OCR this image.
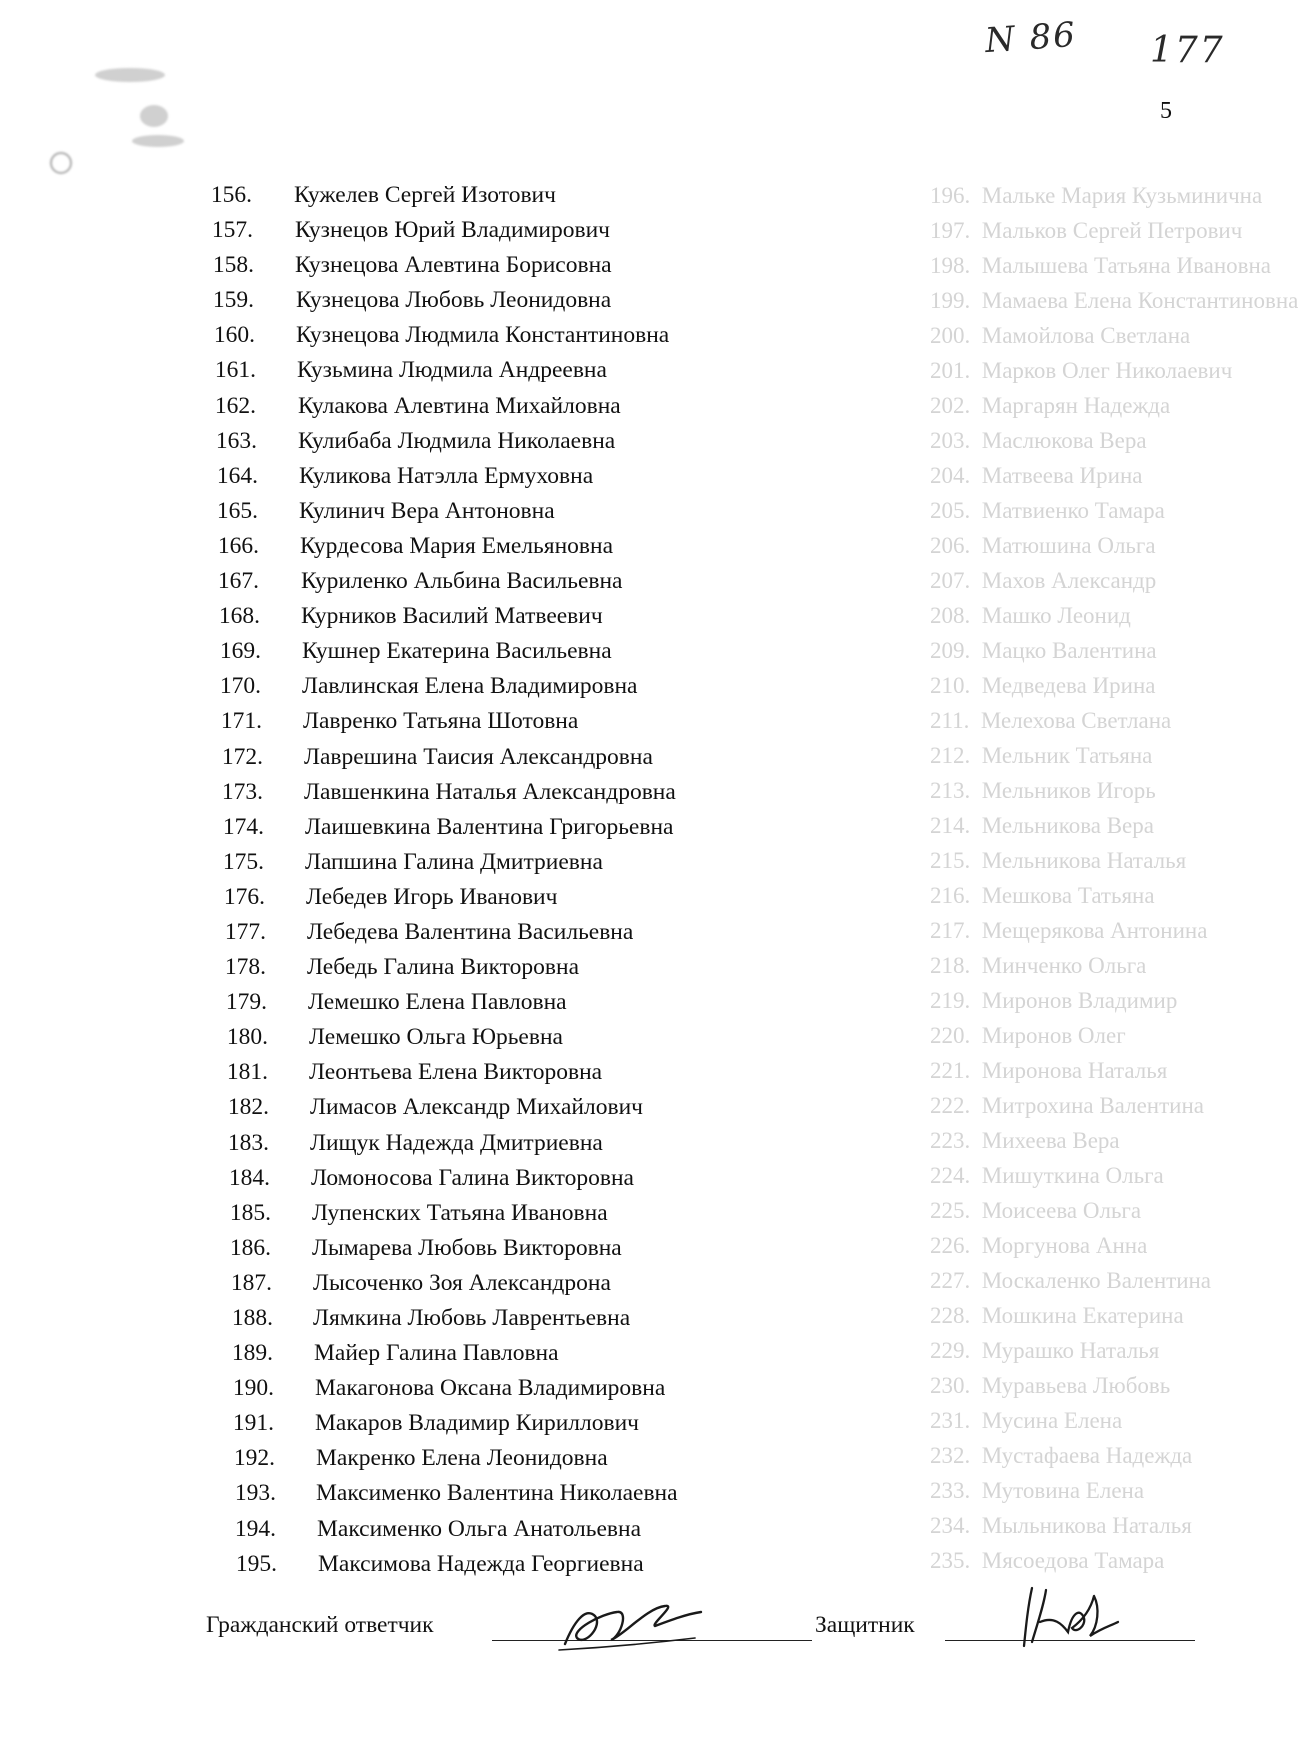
196.  Мальке Мария Кузьминична
197.  Мальков Сергей Петрович
198.  Малышева Татьяна Ивановна
199.  Мамаева Елена Константиновна
200.  Мамойлова Светлана
201.  Марков Олег Николаевич
202.  Маргарян Надежда
203.  Маслюкова Вера
204.  Матвеева Ирина
205.  Матвиенко Тамара
206.  Матюшина Ольга
207.  Махов Александр
208.  Машко Леонид
209.  Мацко Валентина
210.  Медведева Ирина
211.  Мелехова Светлана
212.  Мельник Татьяна
213.  Мельников Игорь
214.  Мельникова Вера
215.  Мельникова Наталья
216.  Мешкова Татьяна
217.  Мещерякова Антонина
218.  Минченко Ольга
219.  Миронов Владимир
220.  Миронов Олег
221.  Миронова Наталья
222.  Митрохина Валентина
223.  Михеева Вера
224.  Мишуткина Ольга
225.  Моисеева Ольга
226.  Моргунова Анна
227.  Москаленко Валентина
228.  Мошкина Екатерина
229.  Мурашко Наталья
230.  Муравьева Любовь
231.  Мусина Елена
232.  Мустафаева Надежда
233.  Мутовина Елена
234.  Мыльникова Наталья
235.  Мясоедова Тамара
N 86 177
5
156. Кужелев Сергей Изотович
157. Кузнецов Юрий Владимирович
158. Кузнецова Алевтина Борисовна
159. Кузнецова Любовь Леонидовна
160. Кузнецова Людмила Константиновна
161. Кузьмина Людмила Андреевна
162. Кулакова Алевтина Михайловна
163. Кулибаба Людмила Николаевна
164. Куликова Натэлла Ермуховна
165. Кулинич Вера Антоновна
166. Курдесова Мария Емельяновна
167. Куриленко Альбина Васильевна
168. Курников Василий Матвеевич
169. Кушнер Екатерина Васильевна
170. Лавлинская Елена Владимировна
171. Лавренко Татьяна Шотовна
172. Лаврешина Таисия Александровна
173. Лавшенкина Наталья Александровна
174. Лаишевкина Валентина Григорьевна
175. Лапшина Галина Дмитриевна
176. Лебедев Игорь Иванович
177. Лебедева Валентина Васильевна
178. Лебедь Галина Викторовна
179. Лемешко Елена Павловна
180. Лемешко Ольга Юрьевна
181. Леонтьева Елена Викторовна
182. Лимасов Александр Михайлович
183. Лищук Надежда Дмитриевна
184. Ломоносова Галина Викторовна
185. Лупенских Татьяна Ивановна
186. Лымарева Любовь Викторовна
187. Лысоченко Зоя Александрона
188. Лямкина Любовь Лаврентьевна
189. Майер Галина Павловна
190. Макагонова Оксана Владимировна
191. Макаров Владимир Кириллович
192. Макренко Елена Леонидовна
193. Максименко Валентина Николаевна
194. Максименко Ольга Анатольевна
195. Максимова Надежда Георгиевна
Гражданский ответчик	Защитник
